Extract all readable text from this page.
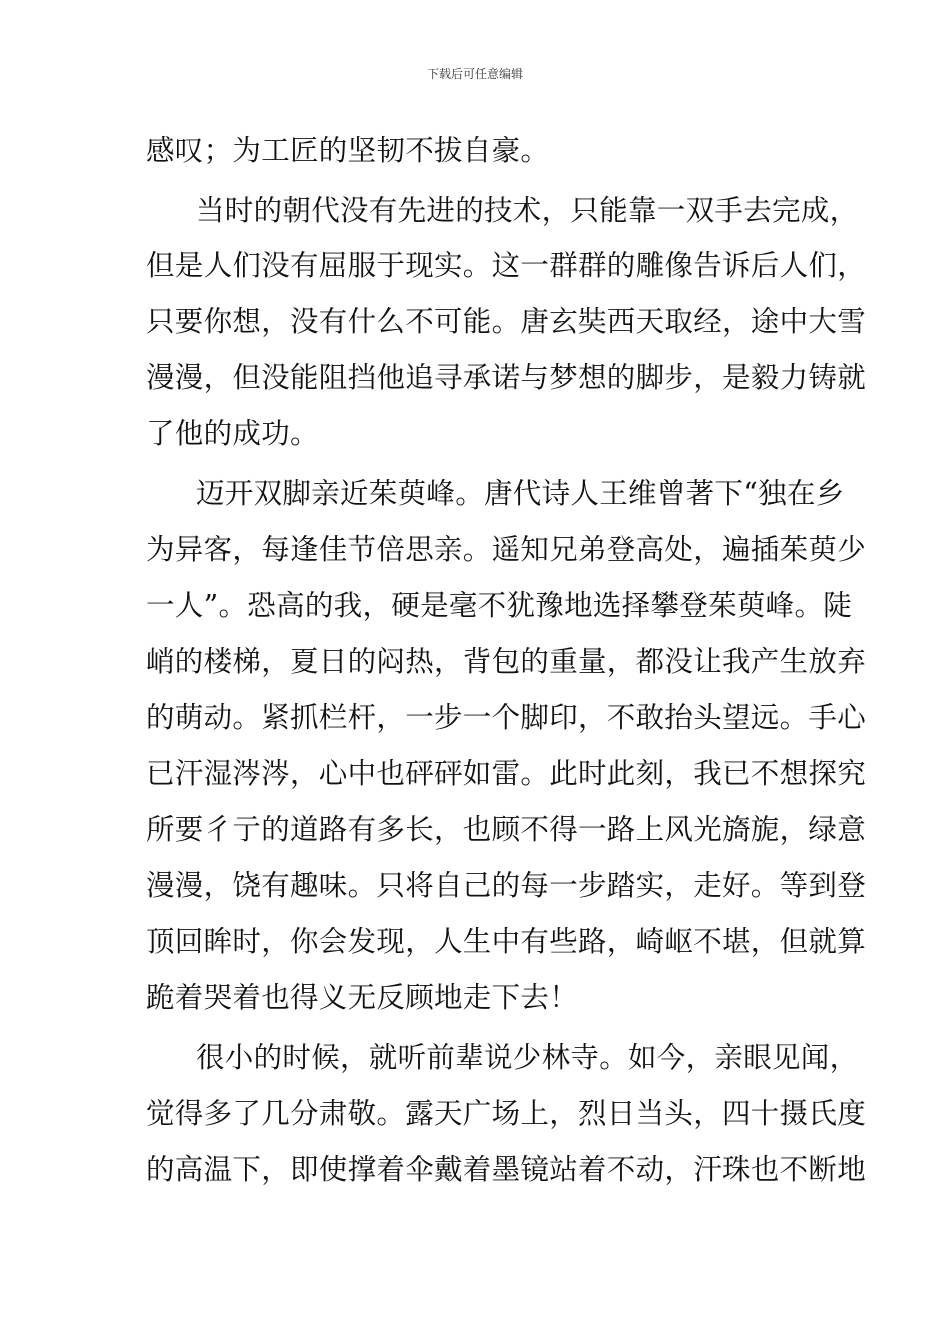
下载后可任意编辑
感叹；为工匠的坚韧不拔自豪。
当时的朝代没有先进的技术，只能靠一双手去完成，
但是人们没有屈服于现实。这一群群的雕像告诉后人们，
只要你想，没有什么不可能。唐玄奘西天取经，途中大雪
漫漫，但没能阻挡他追寻承诺与梦想的脚步，是毅力铸就
了他的成功。
迈开双脚亲近茱萸峰。唐代诗人王维曾著下“独在乡
为异客，每逢佳节倍思亲。遥知兄弟登高处，遍插茱萸少
一人”。恐高的我，硬是毫不犹豫地选择攀登茱萸峰。陡
峭的楼梯，夏日的闷热，背包的重量，都没让我产生放弃
的萌动。紧抓栏杆，一步一个脚印，不敢抬头望远。手心
已汗湿涔涔，心中也砰砰如雷。此时此刻，我已不想探究
所要彳亍的道路有多长，也顾不得一路上风光旖旎，绿意
漫漫，饶有趣味。只将自己的每一步踏实，走好。等到登
顶回眸时，你会发现，人生中有些路，崎岖不堪，但就算
跪着哭着也得义无反顾地走下去！
很小的时候，就听前辈说少林寺。如今，亲眼见闻，
觉得多了几分肃敬。露天广场上，烈日当头，四十摄氏度
的高温下，即使撑着伞戴着墨镜站着不动，汗珠也不断地
